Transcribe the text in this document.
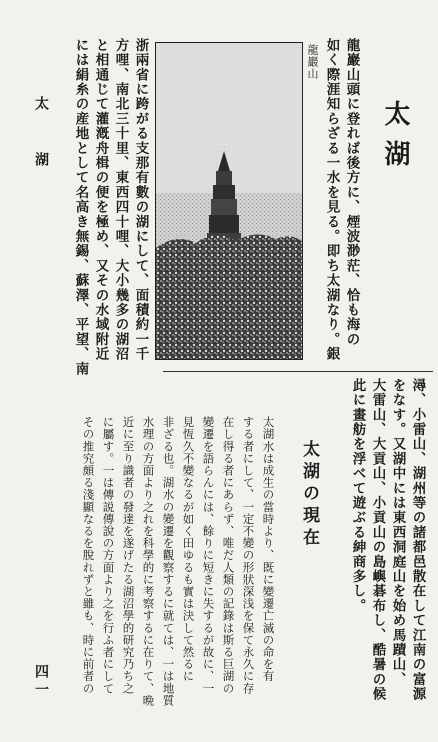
太　湖
四一
太湖
龍巖山頭に登れば後方に、煙波渺茫、恰も海の
如く際涯知らざる一水を見る。即ち太湖なり。銀
龍巖山
浙兩省に跨がる支那有數の湖にして、面積約一千
方哩、南北三十里、東西四十哩、大小幾多の湖沼
と相通じて灌漑舟楫の便を極め、又その水域附近
には絹糸の産地として名高き無錫、蘇澤、平望、南
潯、小雷山、湖州等の諸都邑散在して江南の富源
をなす。又湖中には東西洞庭山を始め馬蹟山、
大雷山、大貢山、小貢山の島嶼碁布し、酷暑の候
此に畫舫を浮べて遊ぶる紳商多し。
太湖の現在
太湖水は成生の當時より、既に變遷亡滅の命を有
する者にして、一定不變の形狀深浅を保て永久に存
在し得る者にあらず、唯だ人類の記錄は斯る巨湖の
變遷を語らんには、餘りに短きに失するが故に、一
見恆久不變なるが如く田ゆるも實は決して然るに
非ざる也。湖水の變遷を觀察するに就ては、一は地質
水理の方面より之れを科學的に考察するに在りて、晩
近に至り識者の發達を遂げたる湖沼學的研究乃ち之
に屬す。一は傳説傳說の方面より之を行ふ者にして
その推究頗る淺顯なるを脫れずと雖も、時に前者の
